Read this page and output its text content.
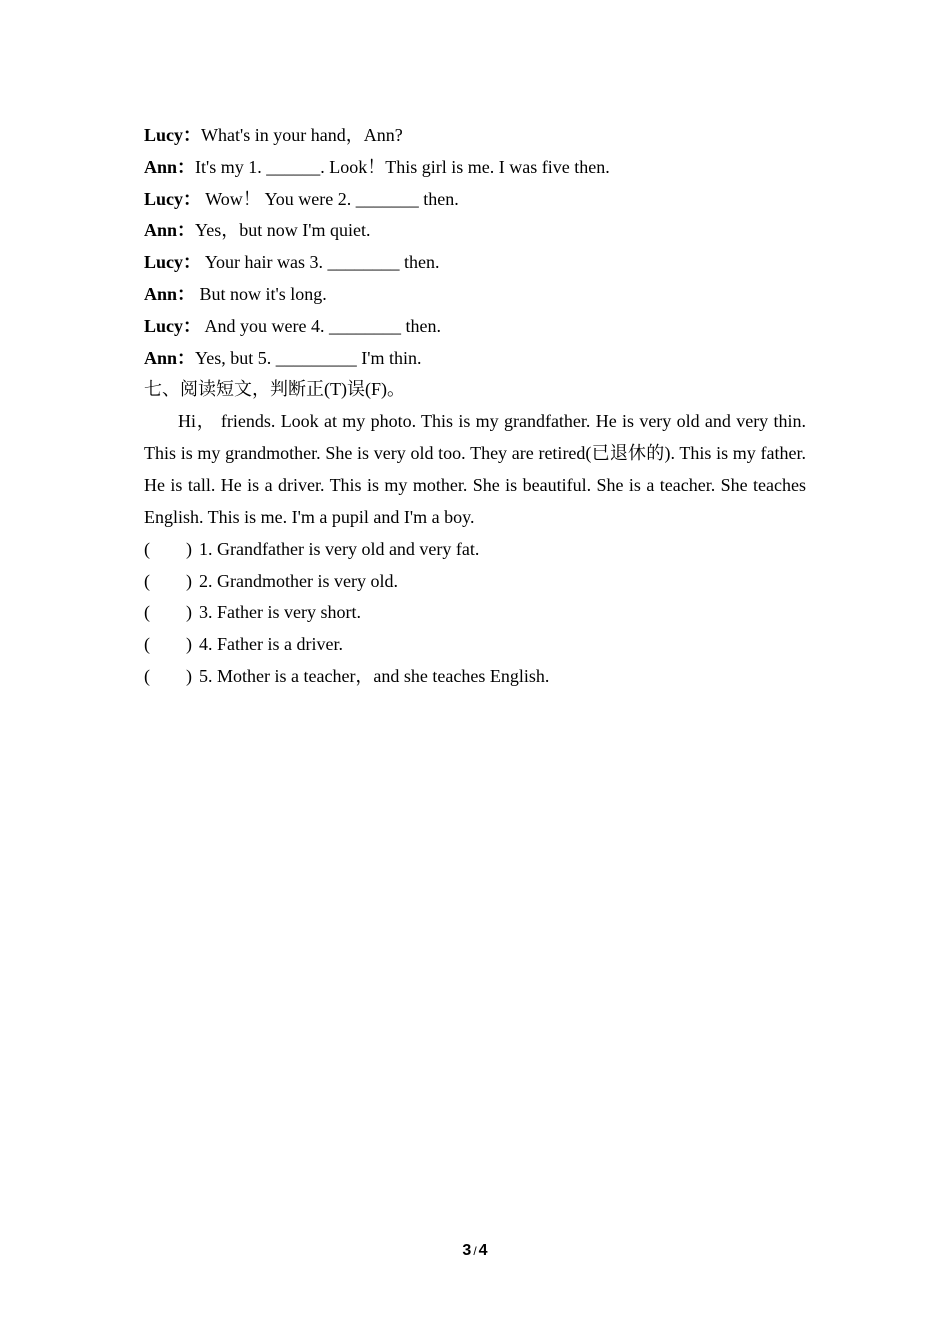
Lucy：What's in your hand，Ann?
Ann：It's my 1. ______. Look！This girl is me. I was five then.
Lucy： Wow！ You were 2. _______ then.
Ann：Yes，but now I'm quiet.
Lucy： Your hair was 3. ________ then.
Ann： But now it's long.
Lucy： And you were 4. ________ then.
Ann：Yes, but 5. _________ I'm thin.
七、阅读短文，判断正(T)误(F)。
Hi， friends. Look at my photo. This is my grandfather. He is very old and very thin. This is my grandmother. She is very old too. They are retired(已退休的). This is my father. He is tall. He is a driver. This is my mother. She is beautiful. She is a teacher. She teaches English. This is me. I'm a pupil and I'm a boy.
(　　) 1. Grandfather is very old and very fat.
(　　) 2. Grandmother is very old.
(　　) 3. Father is very short.
(　　) 4. Father is a driver.
(　　) 5. Mother is a teacher，and she teaches English.
3 / 4
